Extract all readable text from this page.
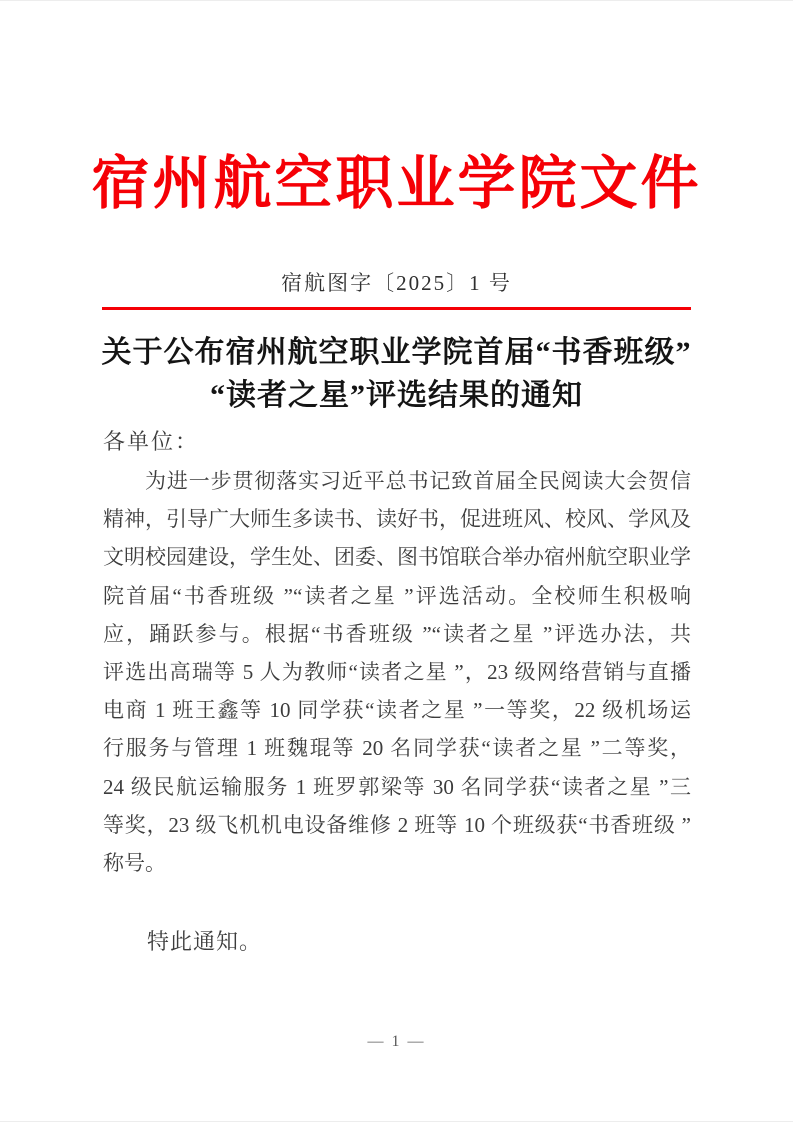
宿州航空职业学院文件
宿航图字〔2025〕1 号
关于公布宿州航空职业学院首届“书香班级”
“读者之星”评选结果的通知
各单位：
为进一步贯彻落实习近平总书记致首届全民阅读大会贺信
精神，引导广大师生多读书、读好书，促进班风、校风、学风及
文明校园建设，学生处、团委、图书馆联合举办宿州航空职业学
院首届“书香班级 ”“读者之星 ”评选活动。全校师生积极响
应，踊跃参与。根据“书香班级 ”“读者之星 ”评选办法，共
评选出高瑞等 5 人为教师“读者之星 ”，23 级网络营销与直播
电商 1 班王鑫等 10 同学获“读者之星 ”一等奖，22 级机场运
行服务与管理 1 班魏琨等 20 名同学获“读者之星 ”二等奖，
24 级民航运输服务 1 班罗郭梁等 30 名同学获“读者之星 ”三
等奖，23 级飞机机电设备维修 2 班等 10 个班级获“书香班级 ”
称号。
特此通知。
— 1 —
